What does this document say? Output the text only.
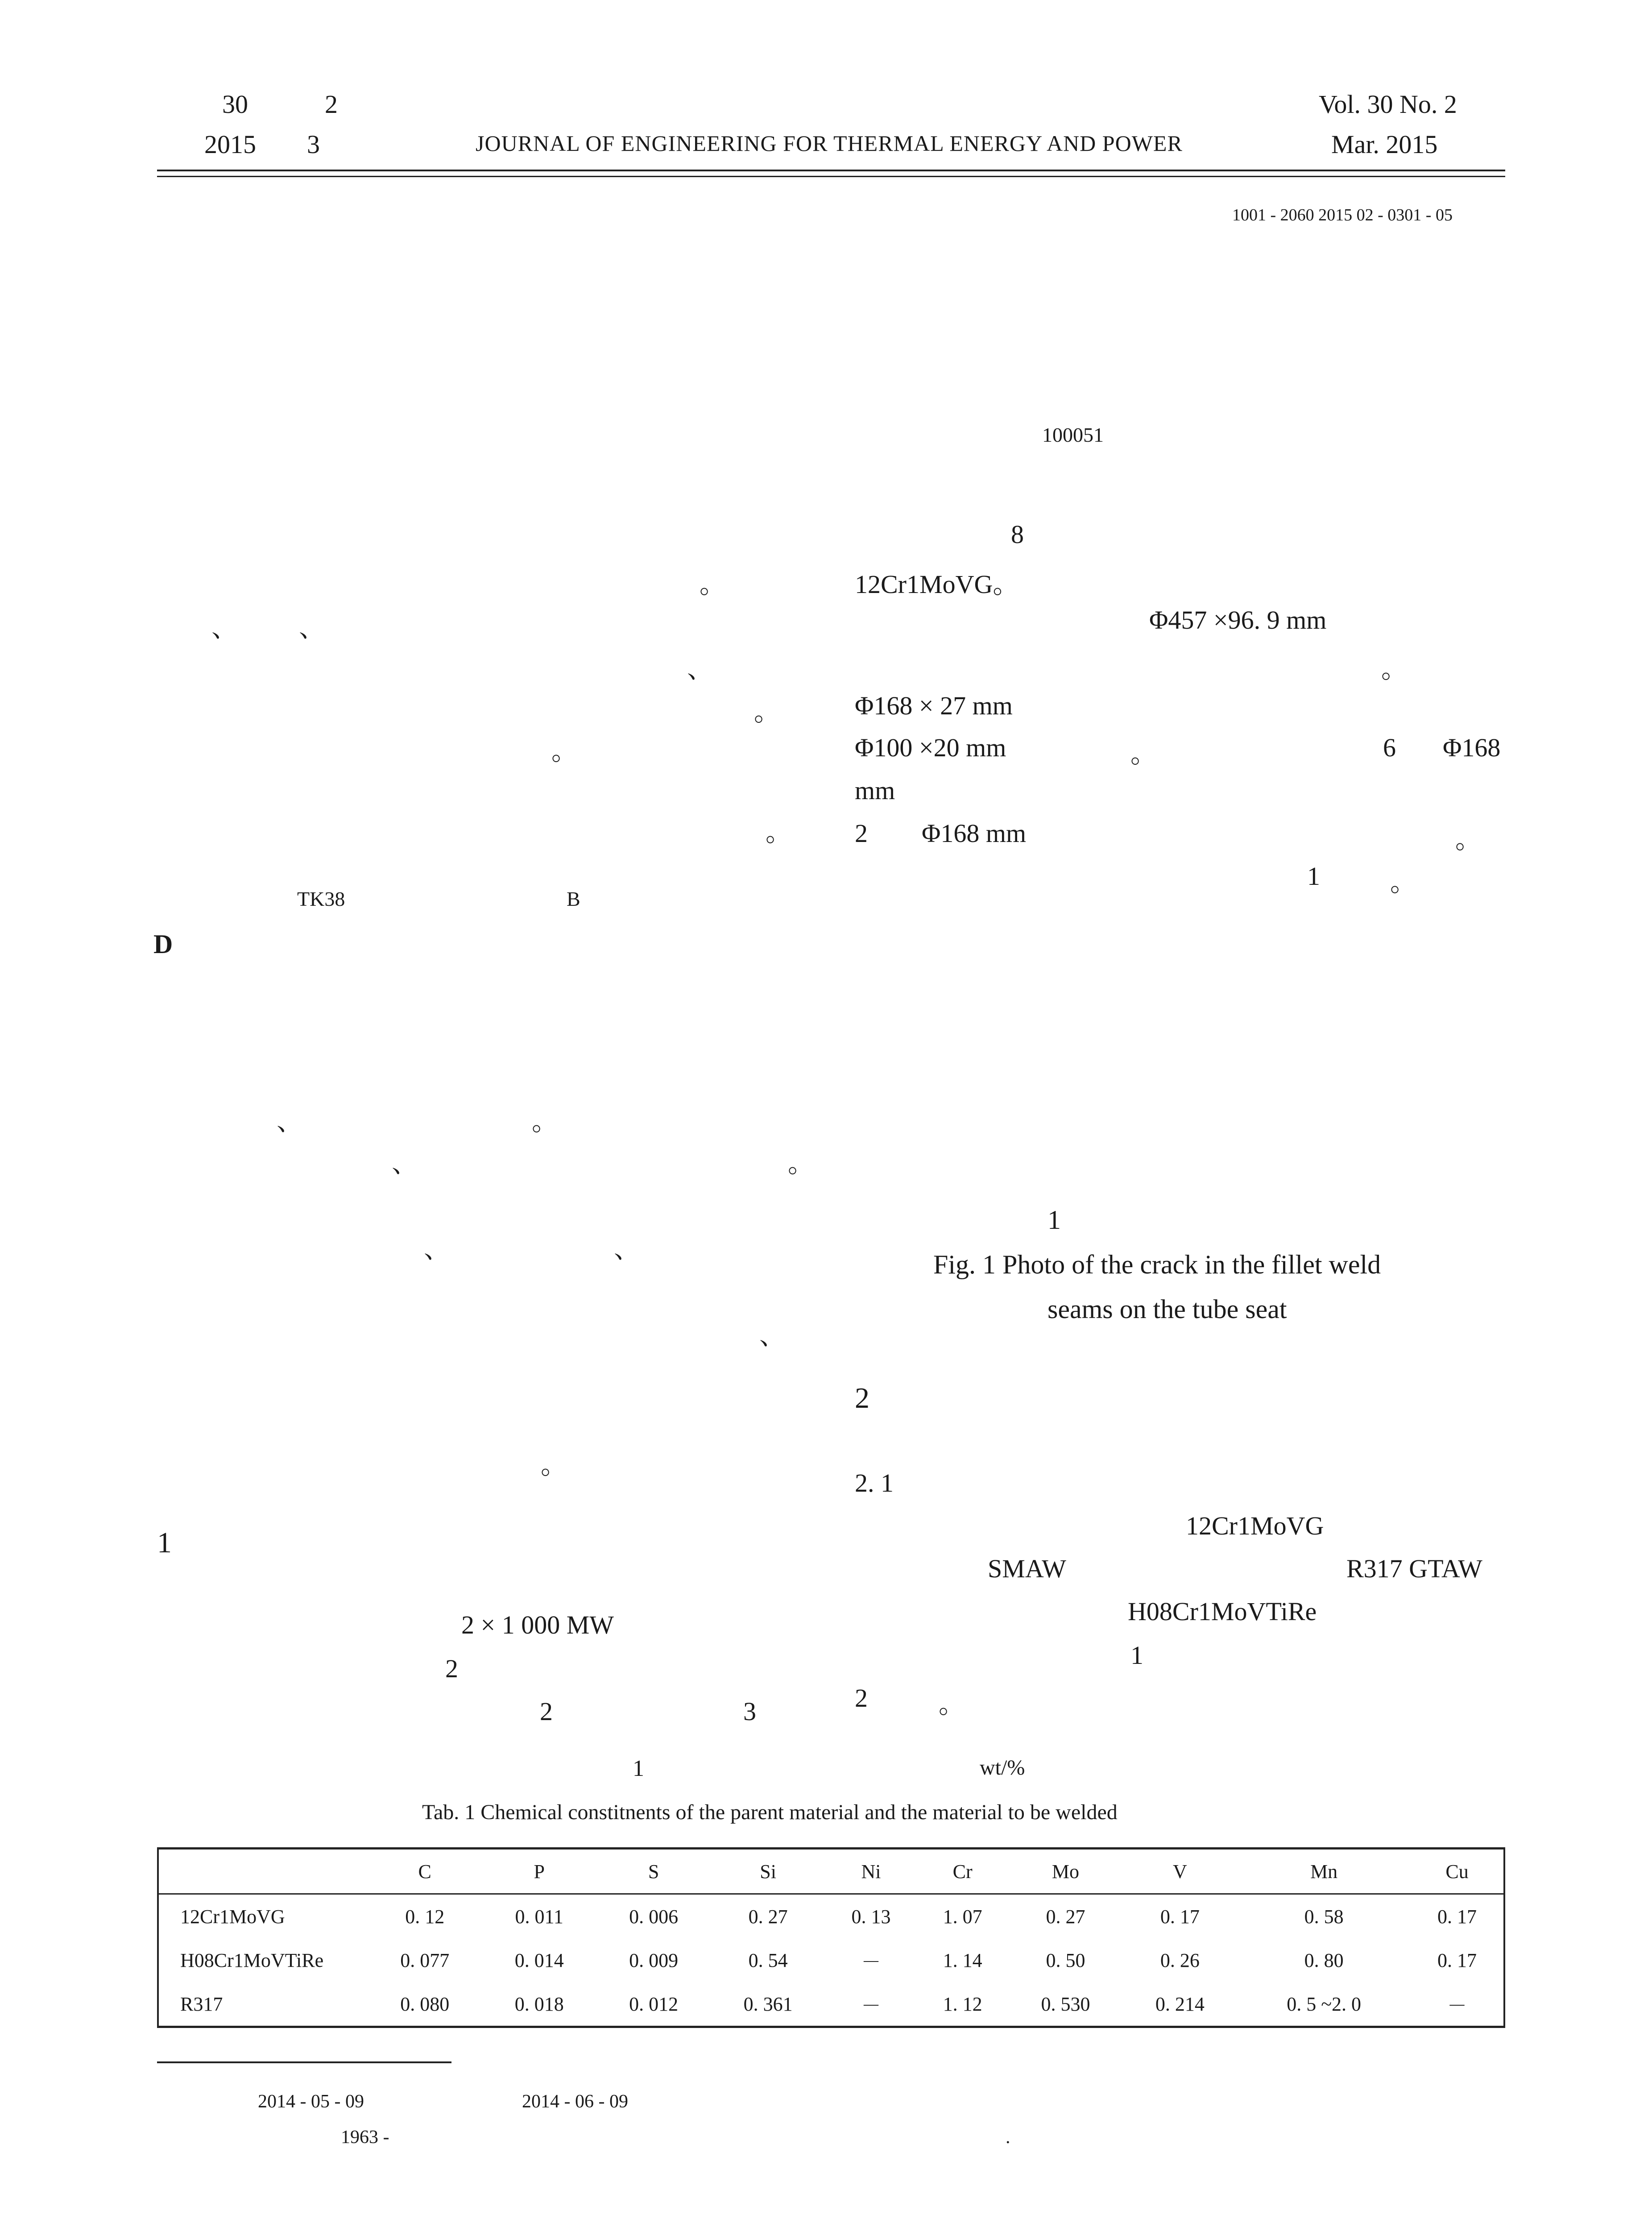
30	2
2015 3	JOURNAL OF ENGINEERING FOR THERMAL ENERGY AND POWER
Vol. 30 No. 2
Mar. 2015
1001 - 2060 2015 02 - 0301 - 05
100051
。
、 、
、
。
。
。
TK38	B
D
、	。
、	。
、	、
、
。
1
2 × 1 000 MW
2
2	3
8
12Cr1MoVG。
Φ457 ×96. 9 mm
。
Φ168 × 27 mm
Φ100 ×20 mm	。	6 Φ168
mm
2 Φ168 mm	。
1	。
1
Fig. 1 Photo of the crack in the fillet weld
seams on the tube seat
2
2. 1
12Cr1MoVG
SMAW	R317 GTAW
H08Cr1MoVTiRe
1
2	。
1	wt/%
Tab. 1 Chemical constitnents of the parent material and the material to be welded
	C	P	S	Si	Ni	Cr	Mo	V	Mn	Cu
12Cr1MoVG	0. 12	0. 011	0. 006	0. 27	0. 13	1. 07	0. 27	0. 17	0. 58	0. 17
H08Cr1MoVTiRe	0. 077	0. 014	0. 009	0. 54	－	1. 14	0. 50	0. 26	0. 80	0. 17
R317	0. 080	0. 018	0. 012	0. 361	－	1. 12	0. 530	0. 214	0. 5 ~2. 0	－
2014 - 05 - 09	2014 - 06 - 09
1963 -	.
